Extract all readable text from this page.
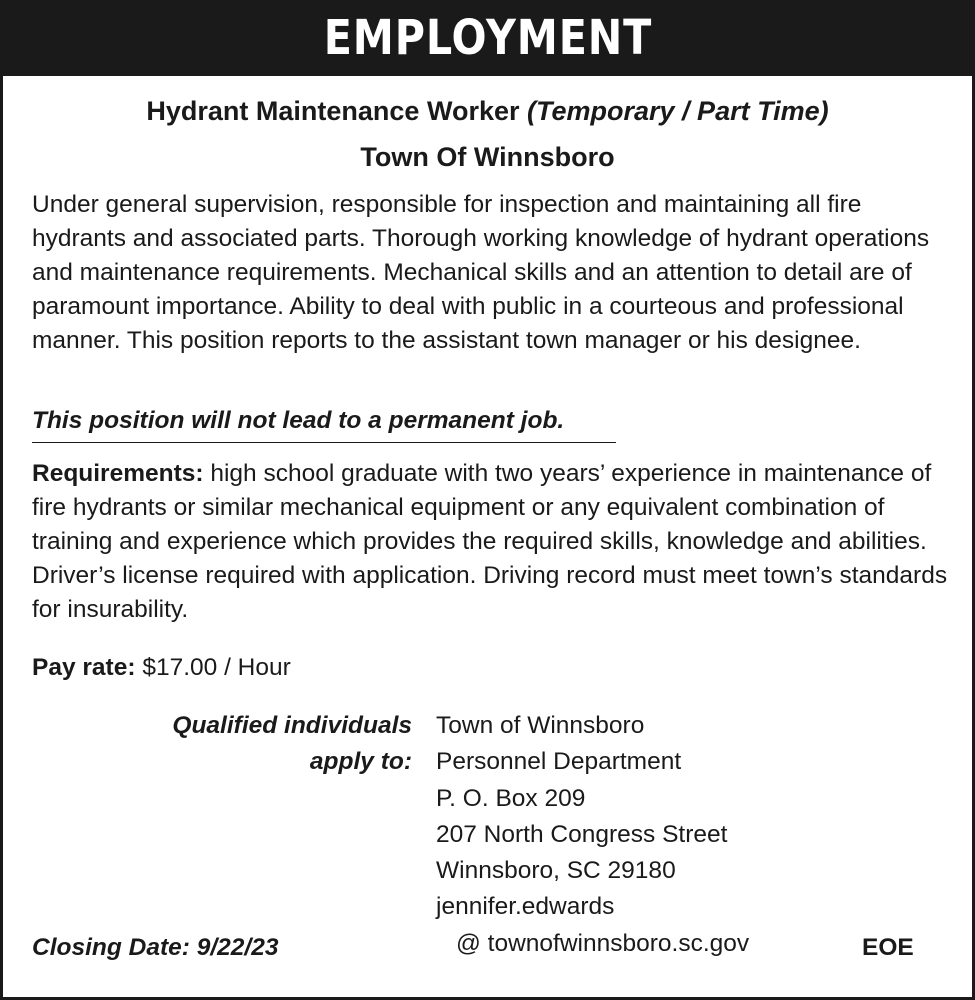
EMPLOYMENT
Hydrant Maintenance Worker (Temporary / Part Time)
Town Of Winnsboro
Under general supervision, responsible for inspection and maintaining all fire hydrants and associated parts. Thorough working knowledge of hydrant operations and maintenance requirements. Mechanical skills and an attention to detail are of paramount importance. Ability to deal with public in a courteous and professional manner. This position reports to the assistant town manager or his designee.
This position will not lead to a permanent job.
Requirements: high school graduate with two years’ experience in maintenance of fire hydrants or similar mechanical equipment or any equivalent combination of training and experience which provides the required skills, knowledge and abilities. Driver’s license required with application. Driving record must meet town’s standards for insurability.
Pay rate: $17.00 / Hour
Qualified individuals
apply to:
Town of Winnsboro
Personnel Department
P. O. Box 209
207 North Congress Street
Winnsboro, SC 29180
jennifer.edwards
@ townofwinnsboro.sc.gov
Closing Date: 9/22/23	EOE
